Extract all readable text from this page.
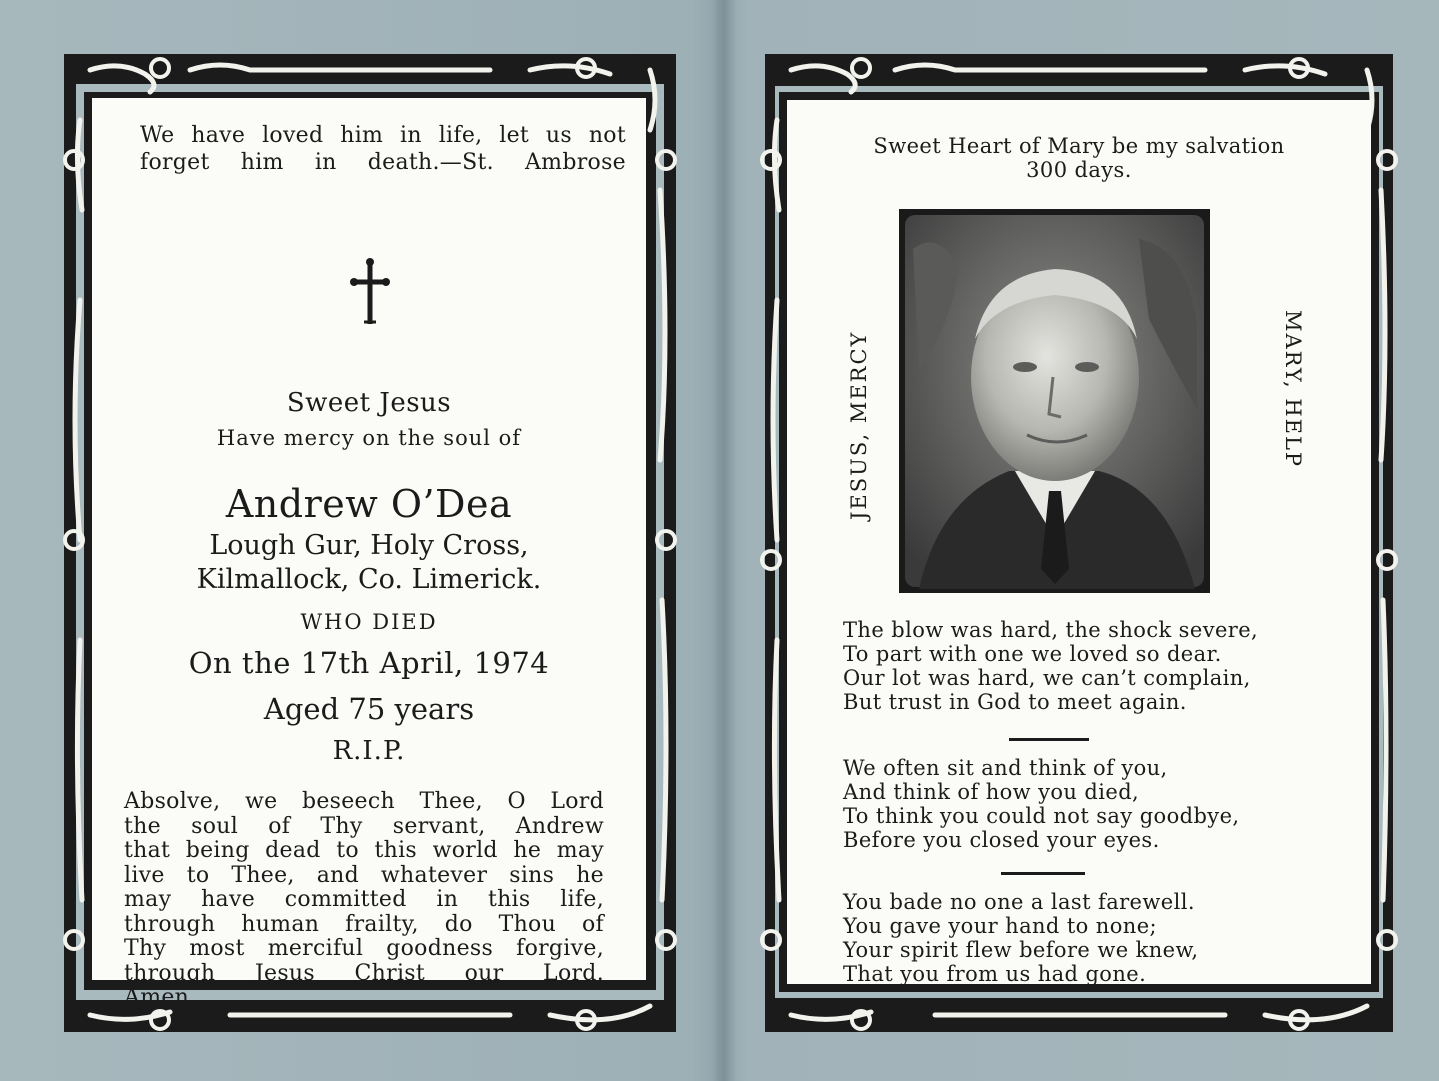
We have loved him in life, let us not
forget him in death.—St. Ambrose
Sweet Jesus
Have mercy on the soul of
Andrew O’Dea
Lough Gur, Holy Cross,
Kilmallock, Co. Limerick.
WHO DIED
On the 17th April, 1974
Aged 75 years
R.I.P.
Absolve, we beseech Thee, O Lord
the soul of Thy servant, Andrew
that being dead to this world he may
live to Thee, and whatever sins he
may have committed in this life,
through human frailty, do Thou of
Thy most merciful goodness forgive,
through Jesus Christ our Lord.
Amen.
Sweet Heart of Mary be my salvation
300 days.
JESUS, MERCY	MARY, HELP
The blow was hard, the shock severe,
To part with one we loved so dear.
Our lot was hard, we can’t complain,
But trust in God to meet again.
We often sit and think of you,
And think of how you died,
To think you could not say goodbye,
Before you closed your eyes.
You bade no one a last farewell.
You gave your hand to none;
Your spirit flew before we knew,
That you from us had gone.
